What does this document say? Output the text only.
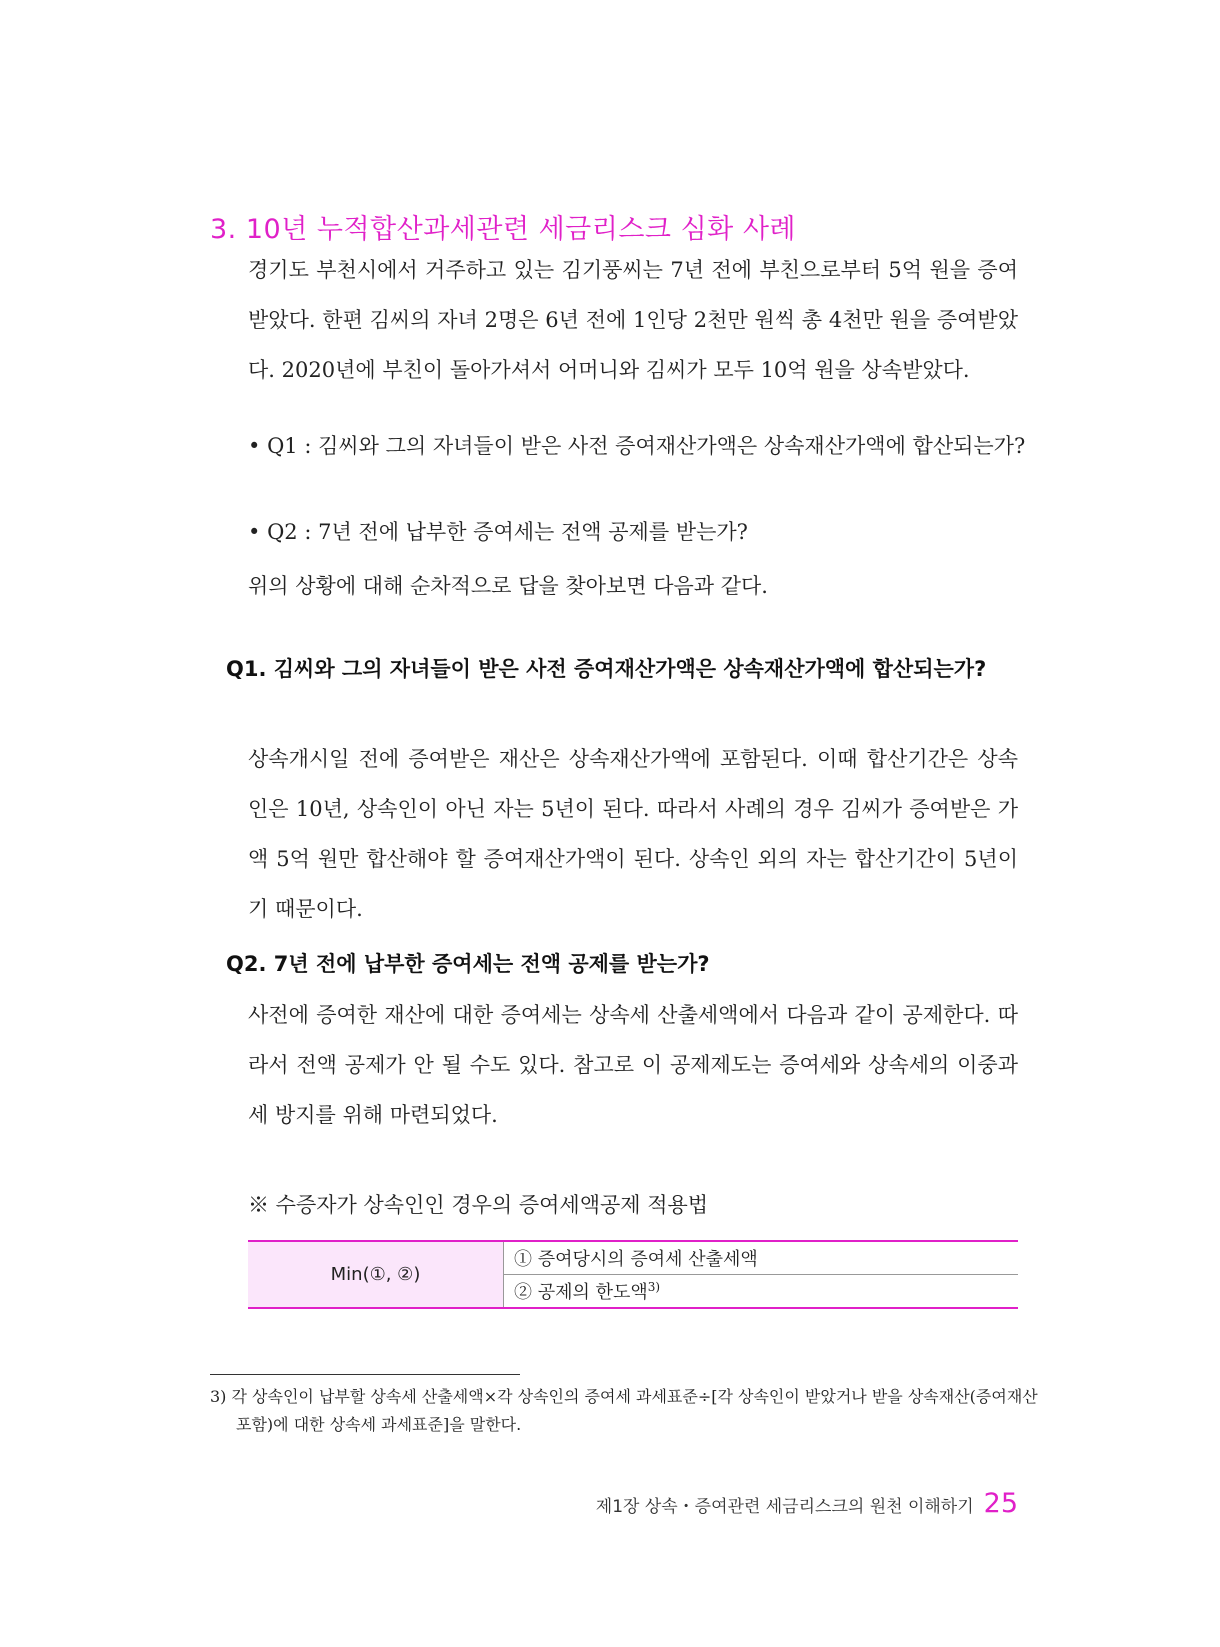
3. 10년 누적합산과세관련 세금리스크 심화 사례

경기도 부천시에서 거주하고 있는 김기풍씨는 7년 전에 부친으로부터 5억 원을 증여받았다. 한편 김씨의 자녀 2명은 6년 전에 1인당 2천만 원씩 총 4천만 원을 증여받았다. 2020년에 부친이 돌아가셔서 어머니와 김씨가 모두 10억 원을 상속받았다.

• Q1 : 김씨와 그의 자녀들이 받은 사전 증여재산가액은 상속재산가액에 합산되는가?

• Q2 : 7년 전에 납부한 증여세는 전액 공제를 받는가?

위의 상황에 대해 순차적으로 답을 찾아보면 다음과 같다.

Q1. 김씨와 그의 자녀들이 받은 사전 증여재산가액은 상속재산가액에 합산되는가?

상속개시일 전에 증여받은 재산은 상속재산가액에 포함된다. 이때 합산기간은 상속인은 10년, 상속인이 아닌 자는 5년이 된다. 따라서 사례의 경우 김씨가 증여받은 가액 5억 원만 합산해야 할 증여재산가액이 된다. 상속인 외의 자는 합산기간이 5년이기 때문이다.

Q2. 7년 전에 납부한 증여세는 전액 공제를 받는가?

사전에 증여한 재산에 대한 증여세는 상속세 산출세액에서 다음과 같이 공제한다. 따라서 전액 공제가 안 될 수도 있다. 참고로 이 공제제도는 증여세와 상속세의 이중과세 방지를 위해 마련되었다.

※ 수증자가 상속인인 경우의 증여세액공제 적용법

Min(①, ②)	① 증여당시의 증여세 산출세액
② 공제의 한도액$^{3)}$

3) 각 상속인이 납부할 상속세 산출세액×각 상속인의 증여세 과세표준÷[각 상속인이 받았거나 받을 상속재산(증여재산 포함)에 대한 상속세 과세표준]을 말한다.

제1장 상속・증여관련 세금리스크의 원천 이해하기 25
